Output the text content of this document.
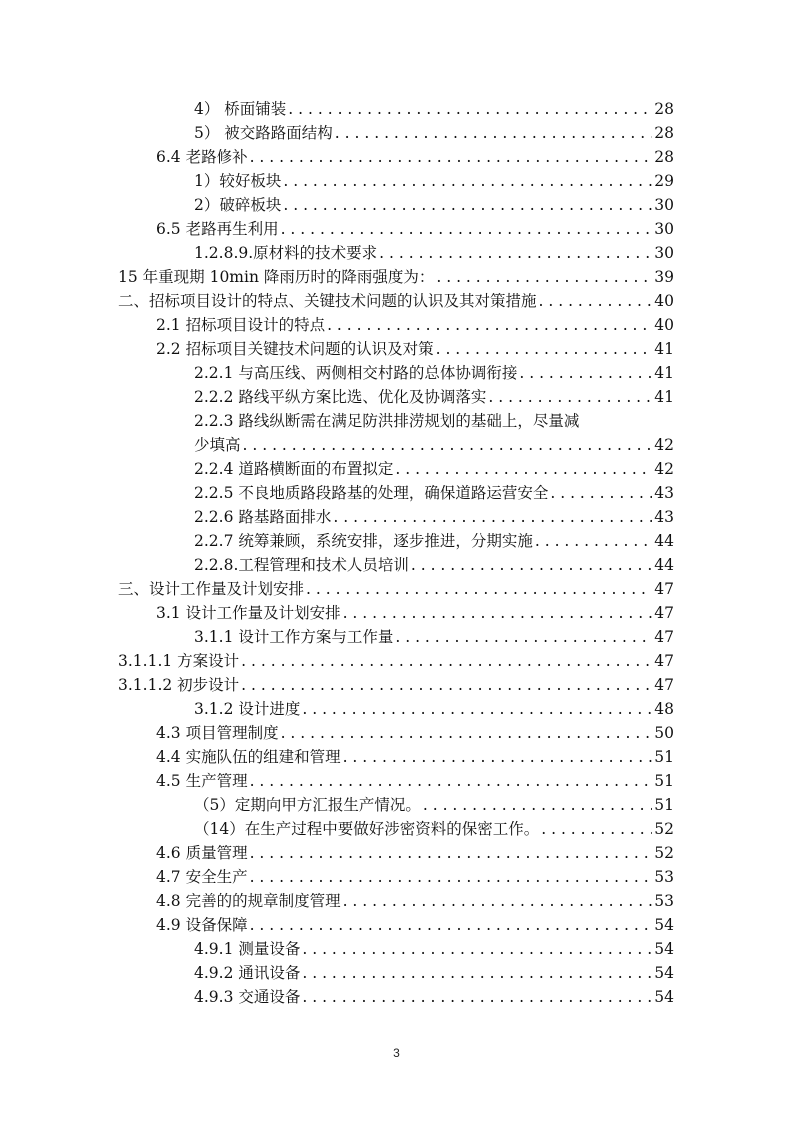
4） 桥面铺装 . . .	28
5） 被交路路面结构 . . .	28
6.4 老路修补 . . .	28
1）较好板块 . . .	29
2）破碎板块 . . .	30
6.5 老路再生利用 . . .	30
1.2.8.9.原材料的技术要求 . . .	30
15 年重现期 10min 降雨历时的降雨强度为： . . .	39
二、招标项目设计的特点、关键技术问题的认识及其对策措施 . . .	40
2.1 招标项目设计的特点 . . .	40
2.2 招标项目关键技术问题的认识及对策 . . .	41
2.2.1 与高压线、两侧相交村路的总体协调衔接 . . .	41
2.2.2 路线平纵方案比选、优化及协调落实 . . .	41
2.2.3 路线纵断需在满足防洪排涝规划的基础上，尽量减
少填高 . . .	42
2.2.4 道路横断面的布置拟定 . . .	42
2.2.5 不良地质路段路基的处理，确保道路运营安全 . . .	43
2.2.6 路基路面排水 . . .	43
2.2.7 统筹兼顾，系统安排，逐步推进，分期实施 . . .	44
2.2.8.工程管理和技术人员培训 . . .	44
三、设计工作量及计划安排 . . .	47
3.1 设计工作量及计划安排 . . .	47
3.1.1 设计工作方案与工作量 . . .	47
3.1.1.1 方案设计 . . .	47
3.1.1.2 初步设计 . . .	47
3.1.2 设计进度 . . .	48
4.3 项目管理制度 . . .	50
4.4 实施队伍的组建和管理 . . .	51
4.5 生产管理 . . .	51
（5）定期向甲方汇报生产情况。 . . .	51
（14）在生产过程中要做好涉密资料的保密工作。 . . .	52
4.6 质量管理 . . .	52
4.7 安全生产 . . .	53
4.8 完善的的规章制度管理 . . .	53
4.9 设备保障 . . .	54
4.9.1 测量设备 . . .	54
4.9.2 通讯设备 . . .	54
4.9.3 交通设备 . . .	54
3
